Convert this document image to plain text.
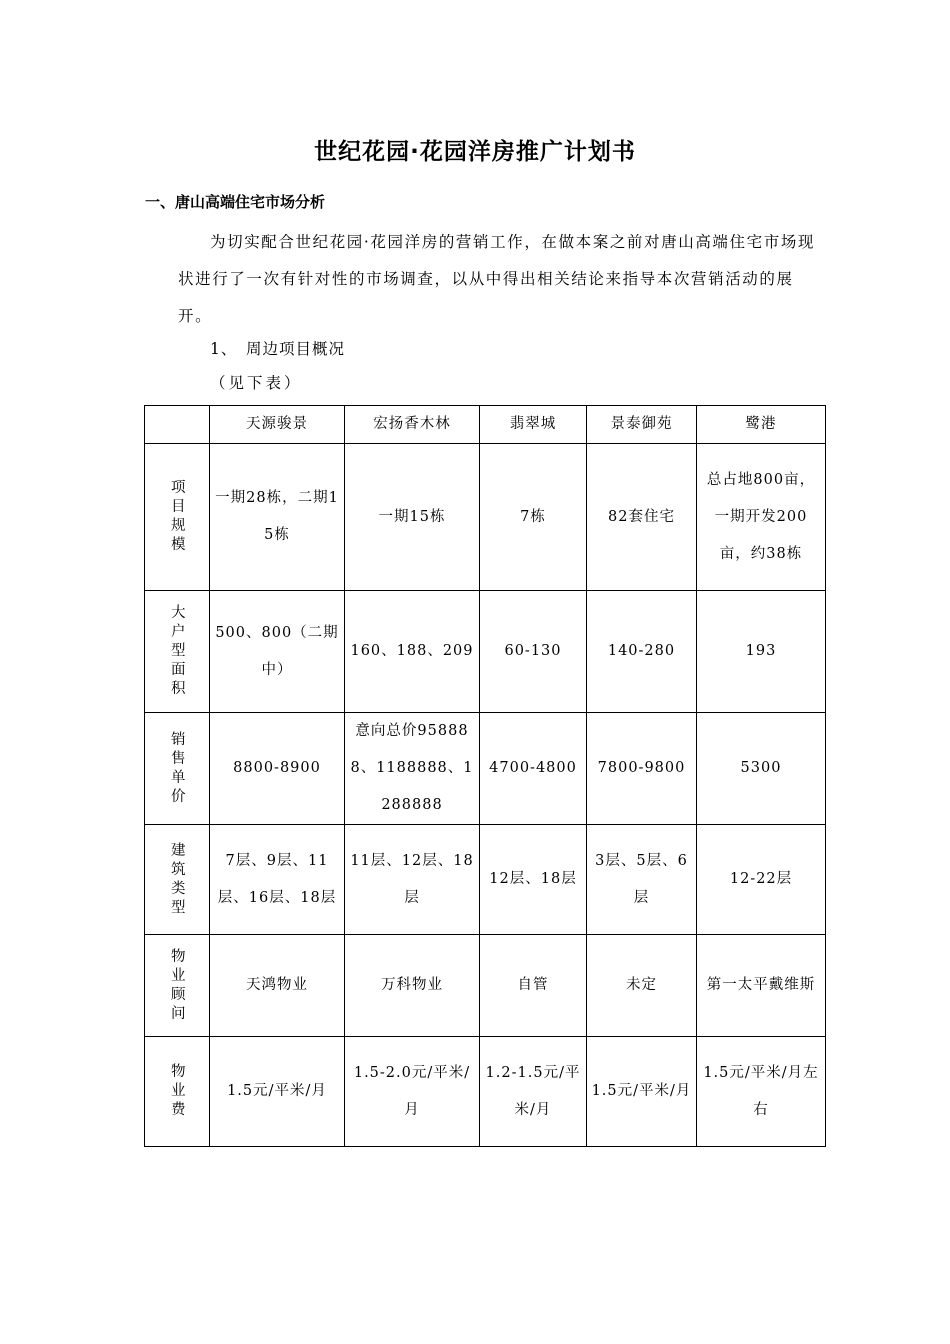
世纪花园·花园洋房推广计划书
一、唐山高端住宅市场分析
为切实配合世纪花园·花园洋房的营销工作，在做本案之前对唐山高端住宅市场现状进行了一次有针对性的市场调查，以从中得出相关结论来指导本次营销活动的展开。
1、 周边项目概况
（见下表）
	天源骏景	宏扬香木林	翡翠城	景泰御苑	鹭港
项目规模	一期28栋，二期15栋	一期15栋	7栋	82套住宅	总占地800亩，一期开发200亩，约38栋
大户型面积	500、800（二期中）	160、188、209	60-130	140-280	193
销售单价	8800-8900	意向总价958888、1188888、1288888	4700-4800	7800-9800	5300
建筑类型	7层、9层、11层、16层、18层	11层、12层、18层	12层、18层	3层、5层、6层	12-22层
物业顾问	天鸿物业	万科物业	自管	未定	第一太平戴维斯
物业费	1.5元/平米/月	1.5-2.0元/平米/月	1.2-1.5元/平米/月	1.5元/平米/月	1.5元/平米/月左右
